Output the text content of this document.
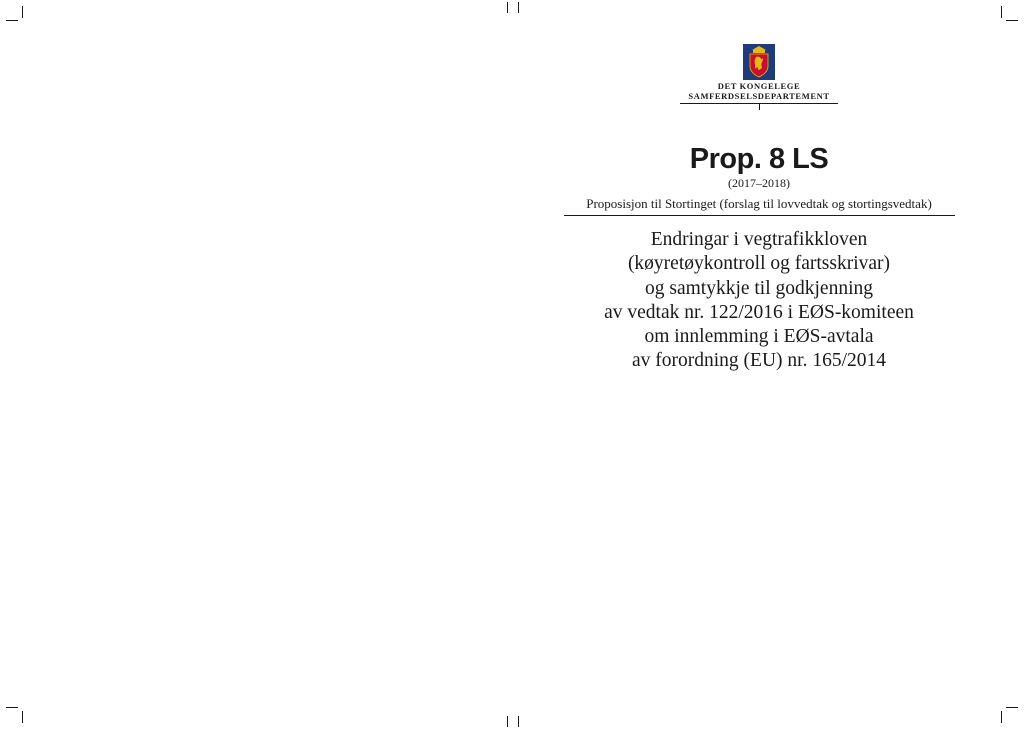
DET KONGELEGE
SAMFERDSELSDEPARTEMENT
Prop. 8 LS
(2017–2018)
Proposisjon til Stortinget (forslag til lovvedtak og stortingsvedtak)
Endringar i vegtrafikkloven
(køyretøykontroll og fartsskrivar)
og samtykkje til godkjenning
av vedtak nr. 122/2016 i EØS-komiteen
om innlemming i EØS-avtala
av forordning (EU) nr. 165/2014
